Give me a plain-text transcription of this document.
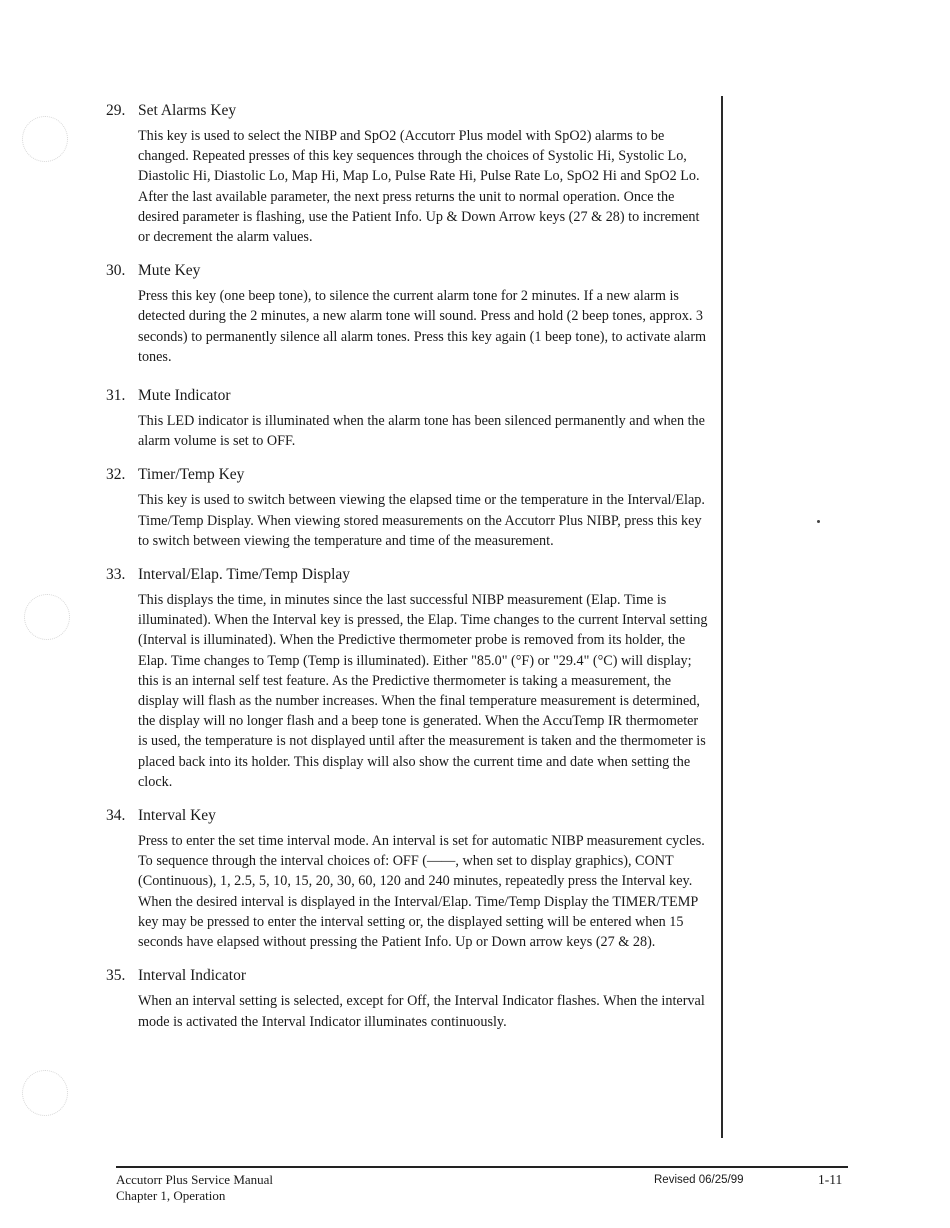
29. Set Alarms Key
This key is used to select the NIBP and SpO2 (Accutorr Plus model with SpO2) alarms to be changed. Repeated presses of this key sequences through the choices of Systolic Hi, Systolic Lo, Diastolic Hi, Diastolic Lo, Map Hi, Map Lo, Pulse Rate Hi, Pulse Rate Lo, SpO2 Hi and SpO2 Lo. After the last available parameter, the next press returns the unit to normal operation. Once the desired parameter is flashing, use the Patient Info. Up & Down Arrow keys (27 & 28) to increment or decrement the alarm values.
30. Mute Key
Press this key (one beep tone), to silence the current alarm tone for 2 minutes. If a new alarm is detected during the 2 minutes, a new alarm tone will sound. Press and hold (2 beep tones, approx. 3 seconds) to permanently silence all alarm tones. Press this key again (1 beep tone), to activate alarm tones.
31. Mute Indicator
This LED indicator is illuminated when the alarm tone has been silenced permanently and when the alarm volume is set to OFF.
32. Timer/Temp Key
This key is used to switch between viewing the elapsed time or the temperature in the Interval/Elap. Time/Temp Display. When viewing stored measurements on the Accutorr Plus NIBP, press this key to switch between viewing the temperature and time of the measurement.
33. Interval/Elap. Time/Temp Display
This displays the time, in minutes since the last successful NIBP measurement (Elap. Time is illuminated). When the Interval key is pressed, the Elap. Time changes to the current Interval setting (Interval is illuminated). When the Predictive thermometer probe is removed from its holder, the Elap. Time changes to Temp (Temp is illuminated). Either "85.0" (°F) or "29.4" (°C) will display; this is an internal self test feature. As the Predictive thermometer is taking a measurement, the display will flash as the number increases. When the final temperature measurement is determined, the display will no longer flash and a beep tone is generated. When the AccuTemp IR thermometer is used, the temperature is not displayed until after the measurement is taken and the thermometer is placed back into its holder. This display will also show the current time and date when setting the clock.
34. Interval Key
Press to enter the set time interval mode. An interval is set for automatic NIBP measurement cycles. To sequence through the interval choices of: OFF (——, when set to display graphics), CONT (Continuous), 1, 2.5, 5, 10, 15, 20, 30, 60, 120 and 240 minutes, repeatedly press the Interval key. When the desired interval is displayed in the Interval/Elap. Time/Temp Display the TIMER/TEMP key may be pressed to enter the interval setting or, the displayed setting will be entered when 15 seconds have elapsed without pressing the Patient Info. Up or Down arrow keys (27 & 28).
35. Interval Indicator
When an interval setting is selected, except for Off, the Interval Indicator flashes. When the interval mode is activated the Interval Indicator illuminates continuously.
Accutorr Plus Service Manual
Chapter 1, Operation
Revised 06/25/99	1-11
